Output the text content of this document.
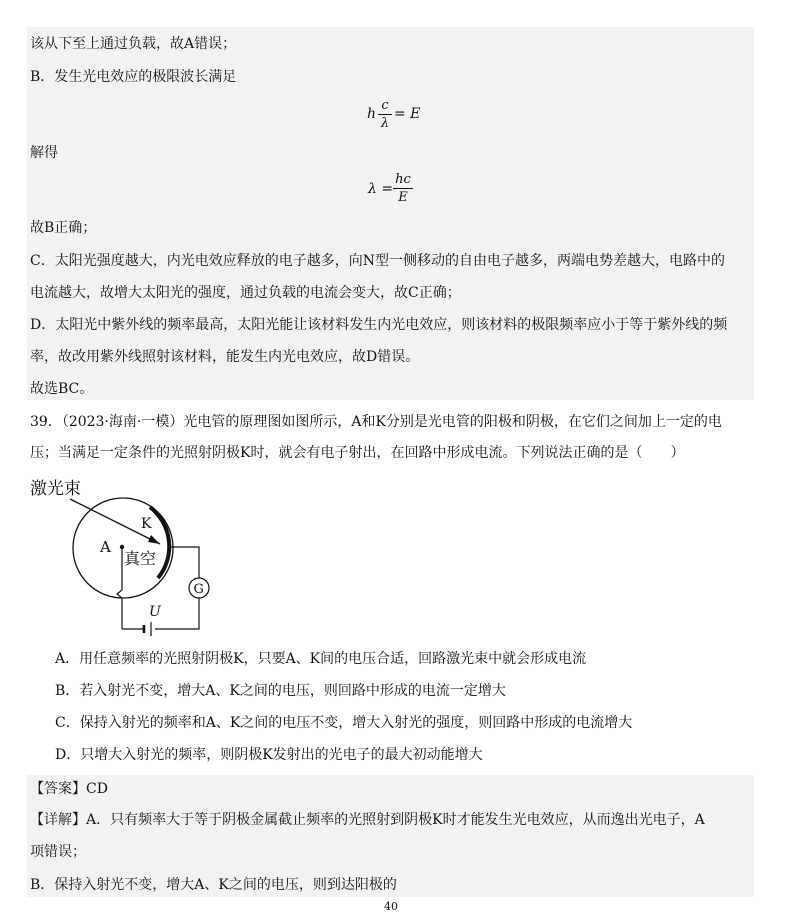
该从下至上通过负载，故A错误；
B．发生光电效应的极限波长满足
h
c
λ
= E
解得
λ =
hc
E
故B正确；
C．太阳光强度越大，内光电效应释放的电子越多，向N型一侧移动的自由电子越多，两端电势差越大，电路中的
电流越大，故增大太阳光的强度，通过负载的电流会变大，故C正确；
D．太阳光中紫外线的频率最高，太阳光能让该材料发生内光电效应，则该材料的极限频率应小于等于紫外线的频
率，故改用紫外线照射该材料，能发生内光电效应，故D错误。
故选BC。
39．（2023·海南·一模）光电管的原理图如图所示，A和K分别是光电管的阳极和阴极，在它们之间加上一定的电
压；当满足一定条件的光照射阴极K时，就会有电子射出，在回路中形成电流。下列说法正确的是（　　）
激光束
K
A
真空
G
U
A．用任意频率的光照射阴极K，只要A、K间的电压合适，回路激光束中就会形成电流
B．若入射光不变，增大A、K之间的电压，则回路中形成的电流一定增大
C．保持入射光的频率和A、K之间的电压不变，增大入射光的强度，则回路中形成的电流增大
D．只增大入射光的频率，则阴极K发射出的光电子的最大初动能增大
【答案】CD
【详解】A．只有频率大于等于阴极金属截止频率的光照射到阴极K时才能发生光电效应，从而逸出光电子，A
项错误；
B．保持入射光不变，增大A、K之间的电压，则到达阳极的
40
